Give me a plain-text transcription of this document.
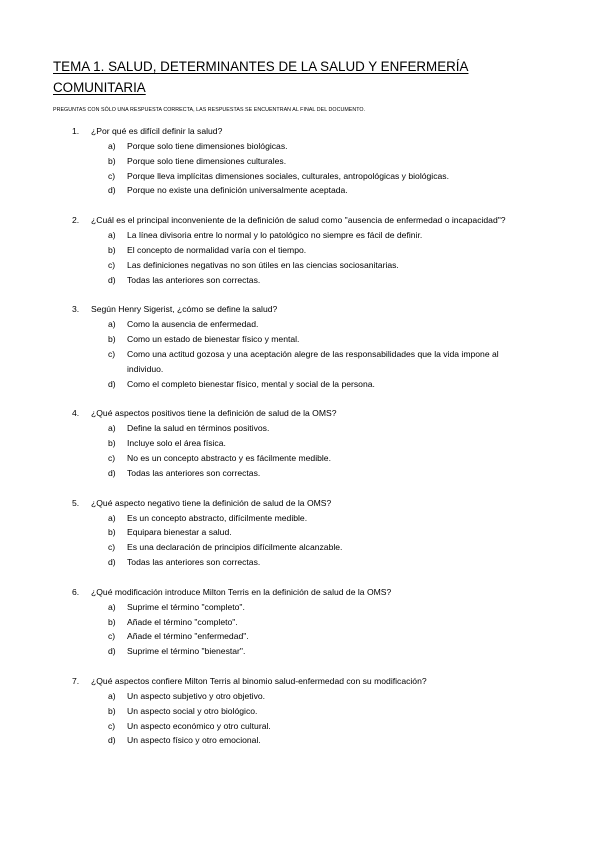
TEMA 1. SALUD, DETERMINANTES DE LA SALUD Y ENFERMERÍA COMUNITARIA
PREGUNTAS CON SÓLO UNA RESPUESTA CORRECTA, LAS RESPUESTAS SE ENCUENTRAN AL FINAL DEL DOCUMENTO.
1. ¿Por qué es difícil definir la salud?
a) Porque solo tiene dimensiones biológicas.
b) Porque solo tiene dimensiones culturales.
c) Porque lleva implícitas dimensiones sociales, culturales, antropológicas y biológicas.
d) Porque no existe una definición universalmente aceptada.
2. ¿Cuál es el principal inconveniente de la definición de salud como "ausencia de enfermedad o incapacidad"?
a) La línea divisoria entre lo normal y lo patológico no siempre es fácil de definir.
b) El concepto de normalidad varía con el tiempo.
c) Las definiciones negativas no son útiles en las ciencias sociosanitarias.
d) Todas las anteriores son correctas.
3. Según Henry Sigerist, ¿cómo se define la salud?
a) Como la ausencia de enfermedad.
b) Como un estado de bienestar físico y mental.
c) Como una actitud gozosa y una aceptación alegre de las responsabilidades que la vida impone al individuo.
d) Como el completo bienestar físico, mental y social de la persona.
4. ¿Qué aspectos positivos tiene la definición de salud de la OMS?
a) Define la salud en términos positivos.
b) Incluye solo el área física.
c) No es un concepto abstracto y es fácilmente medible.
d) Todas las anteriores son correctas.
5. ¿Qué aspecto negativo tiene la definición de salud de la OMS?
a) Es un concepto abstracto, difícilmente medible.
b) Equipara bienestar a salud.
c) Es una declaración de principios difícilmente alcanzable.
d) Todas las anteriores son correctas.
6. ¿Qué modificación introduce Milton Terris en la definición de salud de la OMS?
a) Suprime el término "completo".
b) Añade el término "completo".
c) Añade el término "enfermedad".
d) Suprime el término "bienestar".
7. ¿Qué aspectos confiere Milton Terris al binomio salud-enfermedad con su modificación?
a) Un aspecto subjetivo y otro objetivo.
b) Un aspecto social y otro biológico.
c) Un aspecto económico y otro cultural.
d) Un aspecto físico y otro emocional.
